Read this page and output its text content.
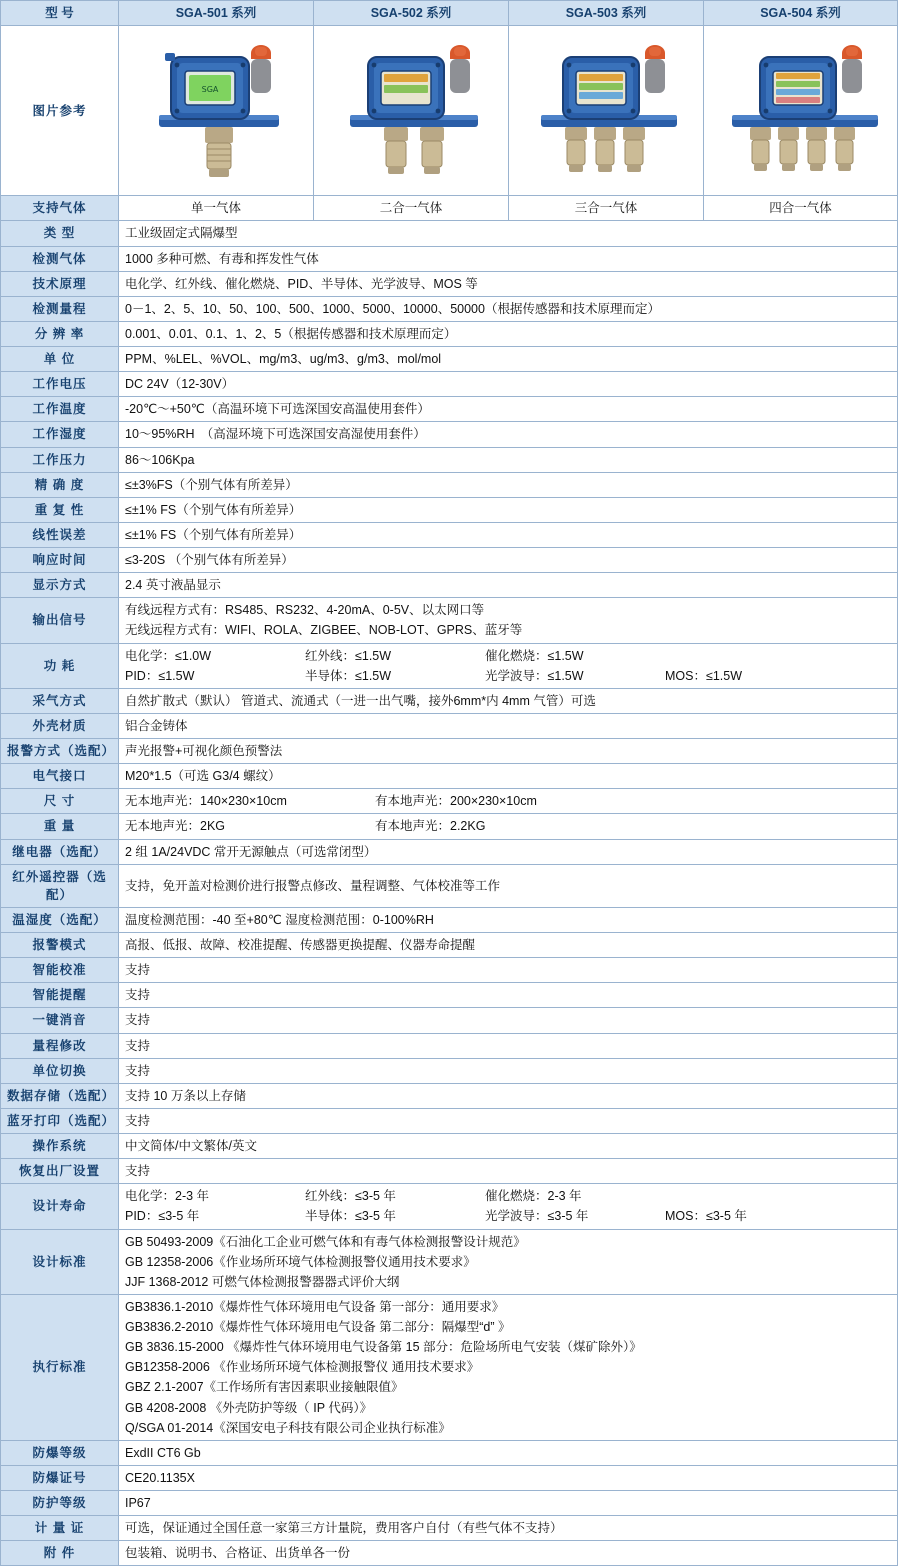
型 号	SGA-501 系列	SGA-502 系列	SGA-503 系列	SGA-504 系列
图片参考	SGA

支持气体	单一气体	二合一气体	三合一气体	四合一气体
类 型	工业级固定式隔爆型			
检测气体	1000 多种可燃、有毒和挥发性气体			
技术原理	电化学、红外线、催化燃烧、PID、半导体、光学波导、MOS 等			
检测量程	0－1、2、5、10、50、100、500、1000、5000、10000、50000（根据传感器和技术原理而定）			
分 辨 率	0.001、0.01、0.1、1、2、5（根据传感器和技术原理而定）			
单 位	PPM、%LEL、%VOL、mg/m3、ug/m3、g/m3、mol/mol			
工作电压	DC 24V（12-30V）			
工作温度	-20℃～+50℃（高温环境下可选深国安高温使用套件）			
工作湿度	10～95%RH　（高湿环境下可选深国安高湿使用套件）			
工作压力	86～106Kpa			
精 确 度	≤±3%FS（个别气体有所差异）			
重 复 性	≤±1% FS（个别气体有所差异）			
线性误差	≤±1% FS（个别气体有所差异）			
响应时间	≤3-20S （个别气体有所差异）			
显示方式	2.4 英寸液晶显示			
输出信号	有线远程方式有：RS485、RS232、4-20mA、0-5V、以太网口等
无线远程方式有：WIFI、ROLA、ZIGBEE、NOB-LOT、GPRS、蓝牙等			

功 耗	
电化学：≤1.0W	红外线：≤1.5W	催化燃烧：≤1.5W
PID：≤1.5W	半导体：≤1.5W	光学波导：≤1.5W	MOS：≤1.5W

采气方式	自然扩散式（默认） 管道式、流通式（一进一出气嘴，接外6mm*内 4mm 气管）可选			
外壳材质	铝合金铸体			
报警方式（选配）	声光报警+可视化颜色预警法			
电气接口	M20*1.5（可选 G3/4 螺纹）			
尺 寸	无本地声光：140×230×10cm 有本地声光：200×230×10cm			

重 量	无本地声光：2KG 有本地声光：2.2KG			

继电器（选配）	2 组 1A/24VDC 常开无源触点（可选常闭型）			
红外遥控器（选配）	支持，免开盖对检测价进行报警点修改、量程调整、气体校准等工作			
温湿度（选配）	温度检测范围：-40 至+80℃ 湿度检测范围：0-100%RH			
报警模式	高报、低报、故障、校准提醒、传感器更换提醒、仪器寿命提醒			
智能校准	支持			
智能提醒	支持			
一键消音	支持			
量程修改	支持			
单位切换	支持			
数据存储（选配）	支持 10 万条以上存储			
蓝牙打印（选配）	支持			
操作系统	中文简体/中文繁体/英文			
恢复出厂设置	支持			
设计寿命	
电化学：2-3 年	红外线：≤3-5 年	催化燃烧：2-3 年
PID：≤3-5 年	半导体：≤3-5 年	光学波导：≤3-5 年	MOS：≤3-5 年

设计标准	GB 50493-2009《石油化工企业可燃气体和有毒气体检测报警设计规范》
GB 12358-2006《作业场所环境气体检测报警仪通用技术要求》
JJF 1368-2012 可燃气体检测报警器器式评价大纲			

执行标准	
GB3836.1-2010《爆炸性气体环境用电气设备 第一部分：通用要求》
GB3836.2-2010《爆炸性气体环境用电气设备 第二部分：隔爆型“d” 》
GB 3836.15-2000 《爆炸性气体环境用电气设备第 15 部分：危险场所电气安装（煤矿除外）》
GB12358-2006 《作业场所环境气体检测报警仪 通用技术要求》
GBZ 2.1-2007《工作场所有害因素职业接触限值》
GB 4208-2008 《外壳防护等级（ IP 代码）》
Q/SGA 01-2014《深国安电子科技有限公司企业执行标准》

防爆等级	ExdII CT6 Gb			
防爆证号	CE20.1135X			
防护等级	IP67			
计 量 证	可选，保证通过全国任意一家第三方计量院，费用客户自付（有些气体不支持）			
附 件	包装箱、说明书、合格证、出货单各一份			
